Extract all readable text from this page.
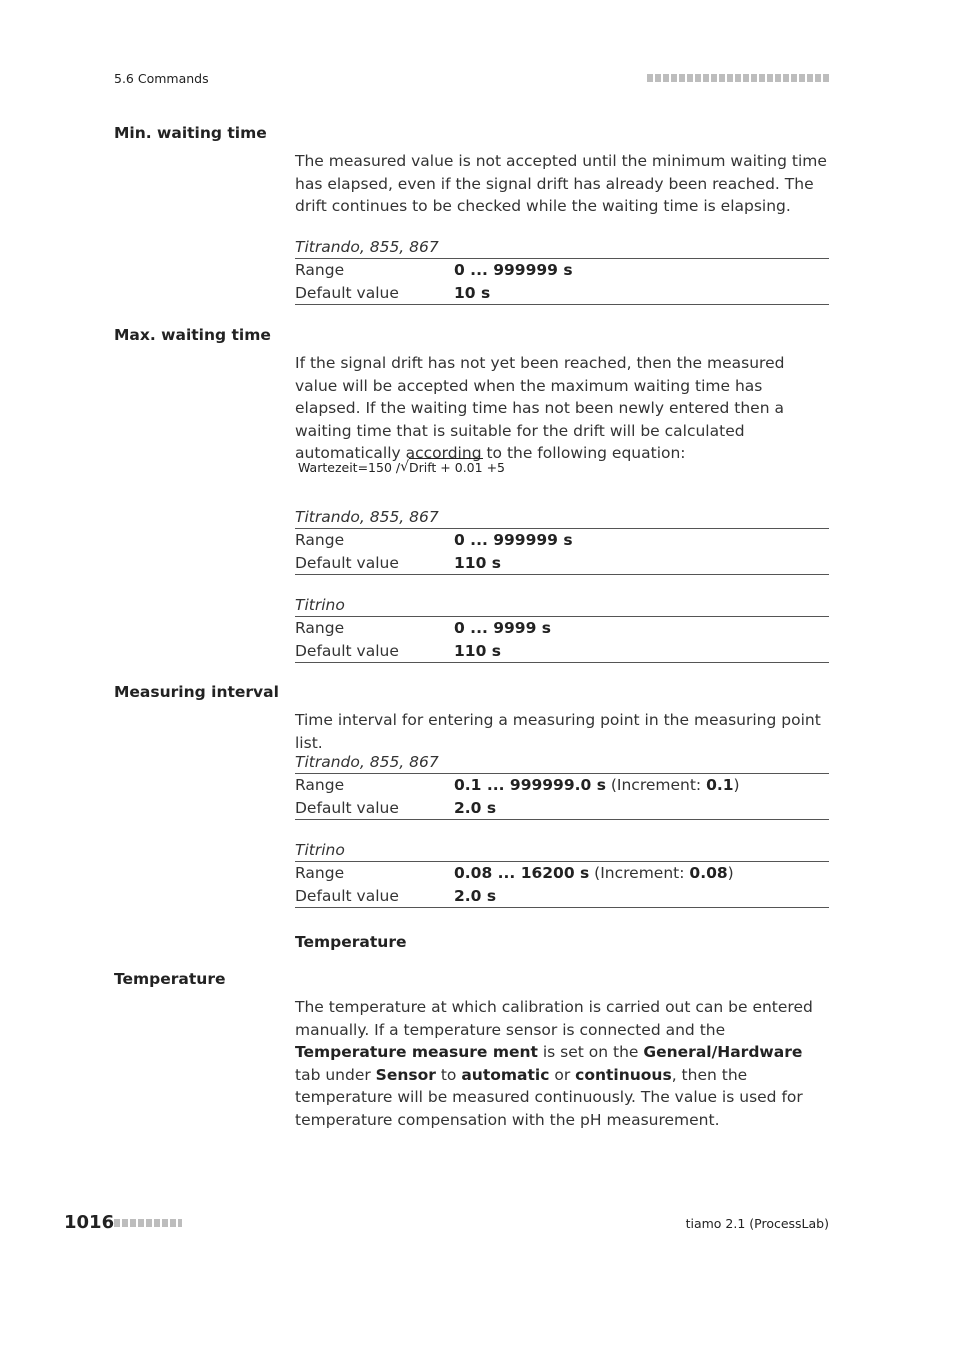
5.6 Commands
Min. waiting time

The measured value is not accepted until the minimum waiting time has elapsed, even if the signal drift has already been reached. The drift continues to be checked while the waiting time is elapsing.

Titrando, 855, 867
Range	0 ... 999999 s
Default value	10 s
Max. waiting time

If the signal drift has not yet been reached, then the measured value will be accepted when the maximum waiting time has elapsed. If the waiting time has not been newly entered then a waiting time that is suitable for the drift will be calculated automatically according to the following equation:

Wartezeit=150 / √ Drift + 0.01 +5
Titrando, 855, 867
Range	0 ... 999999 s
Default value	110 s
Titrino
Range	0 ... 9999 s
Default value	110 s
Measuring interval

Time interval for entering a measuring point in the measuring point list.

Titrando, 855, 867
Range	0.1 ... 999999.0 s (Increment: 0.1)
Default value	2.0 s
Titrino
Range	0.08 ... 16200 s (Increment: 0.08)
Default value	2.0 s
Temperature
Temperature

The temperature at which calibration is carried out can be entered manually. If a temperature sensor is connected and the Temperature measure ment is set on the General/Hardware tab under Sensor to automatic or continuous, then the temperature will be measured continuously. The value is used for temperature compensation with the pH measurement.

1016	tiamo 2.1 (ProcessLab)
